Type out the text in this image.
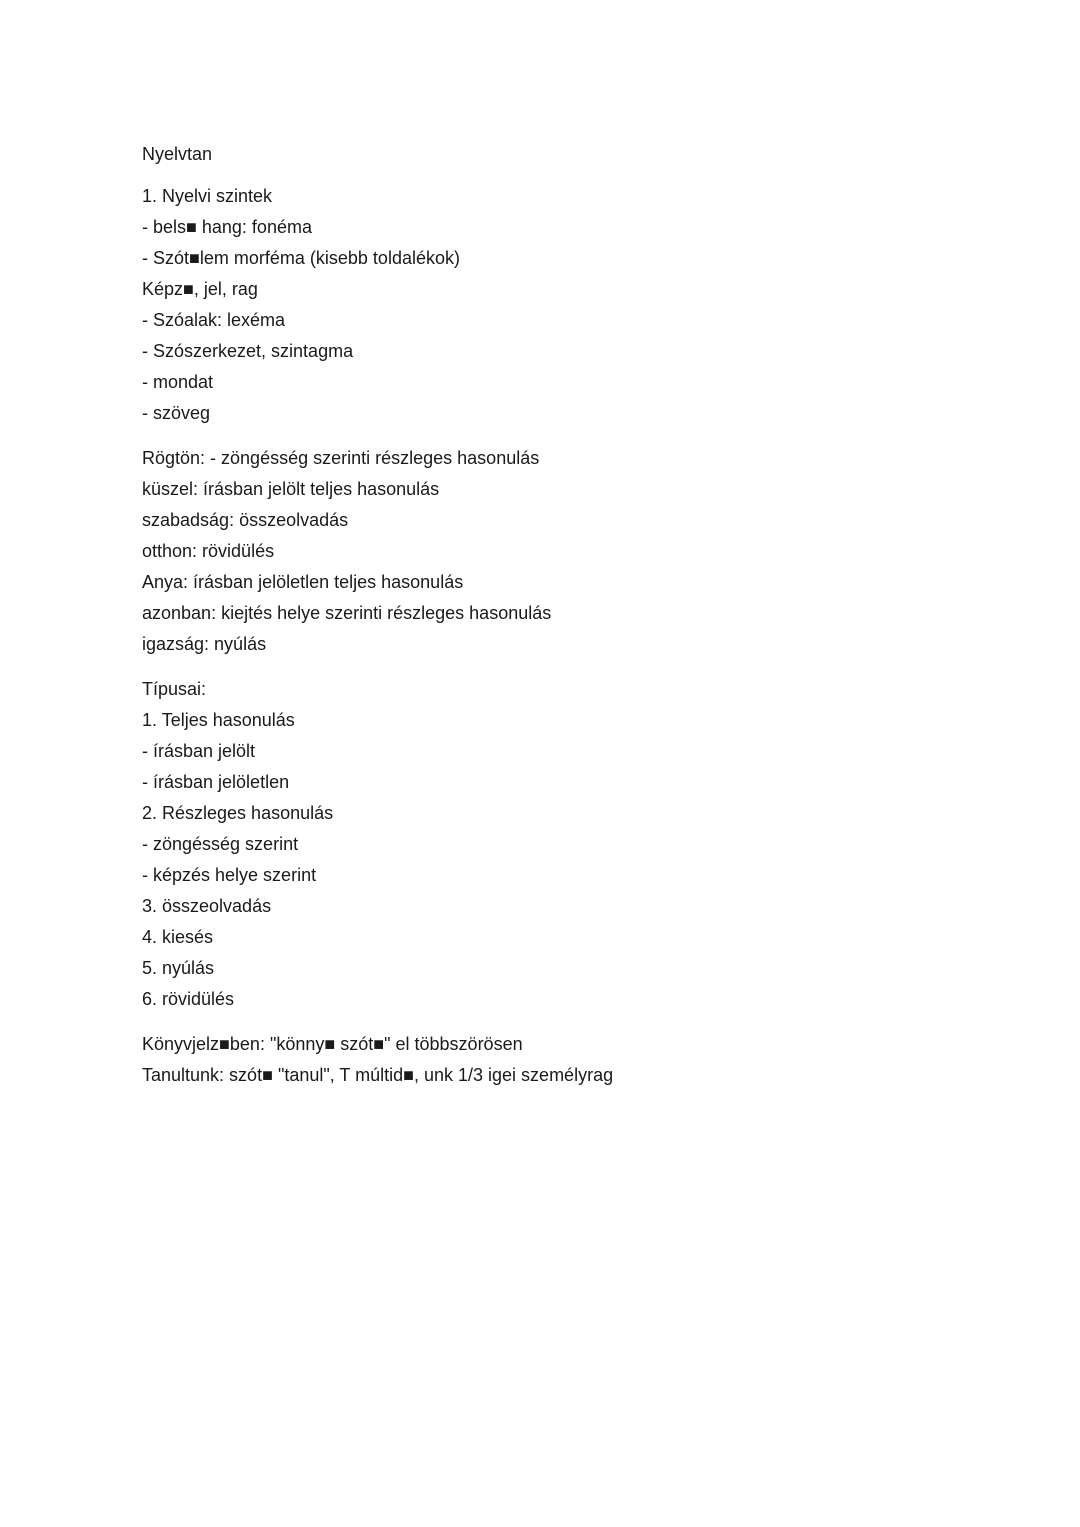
Nyelvtan
1. Nyelvi szintek
- bels■ hang: fonéma
- Szót■lem morféma (kisebb toldalékok)
Képz■, jel, rag
- Szóalak: lexéma
- Szószerkezet, szintagma
- mondat
- szöveg
Rögtön: - zöngésség szerinti részleges hasonulás
küszel: írásban jelölt teljes hasonulás
szabadság: összeolvadás
otthon: rövidülés
Anya: írásban jelöletlen teljes hasonulás
azonban: kiejtés helye szerinti részleges hasonulás
igazság: nyúlás
Típusai:
1. Teljes hasonulás
- írásban jelölt
- írásban jelöletlen
2. Részleges hasonulás
- zöngésség szerint
- képzés helye szerint
3. összeolvadás
4. kiesés
5. nyúlás
6. rövidülés
Könyvjelz■ben: "könny■ szót■" el többszörösen
Tanultunk: szót■ "tanul", T múltid■, unk 1/3 igei személyrag
